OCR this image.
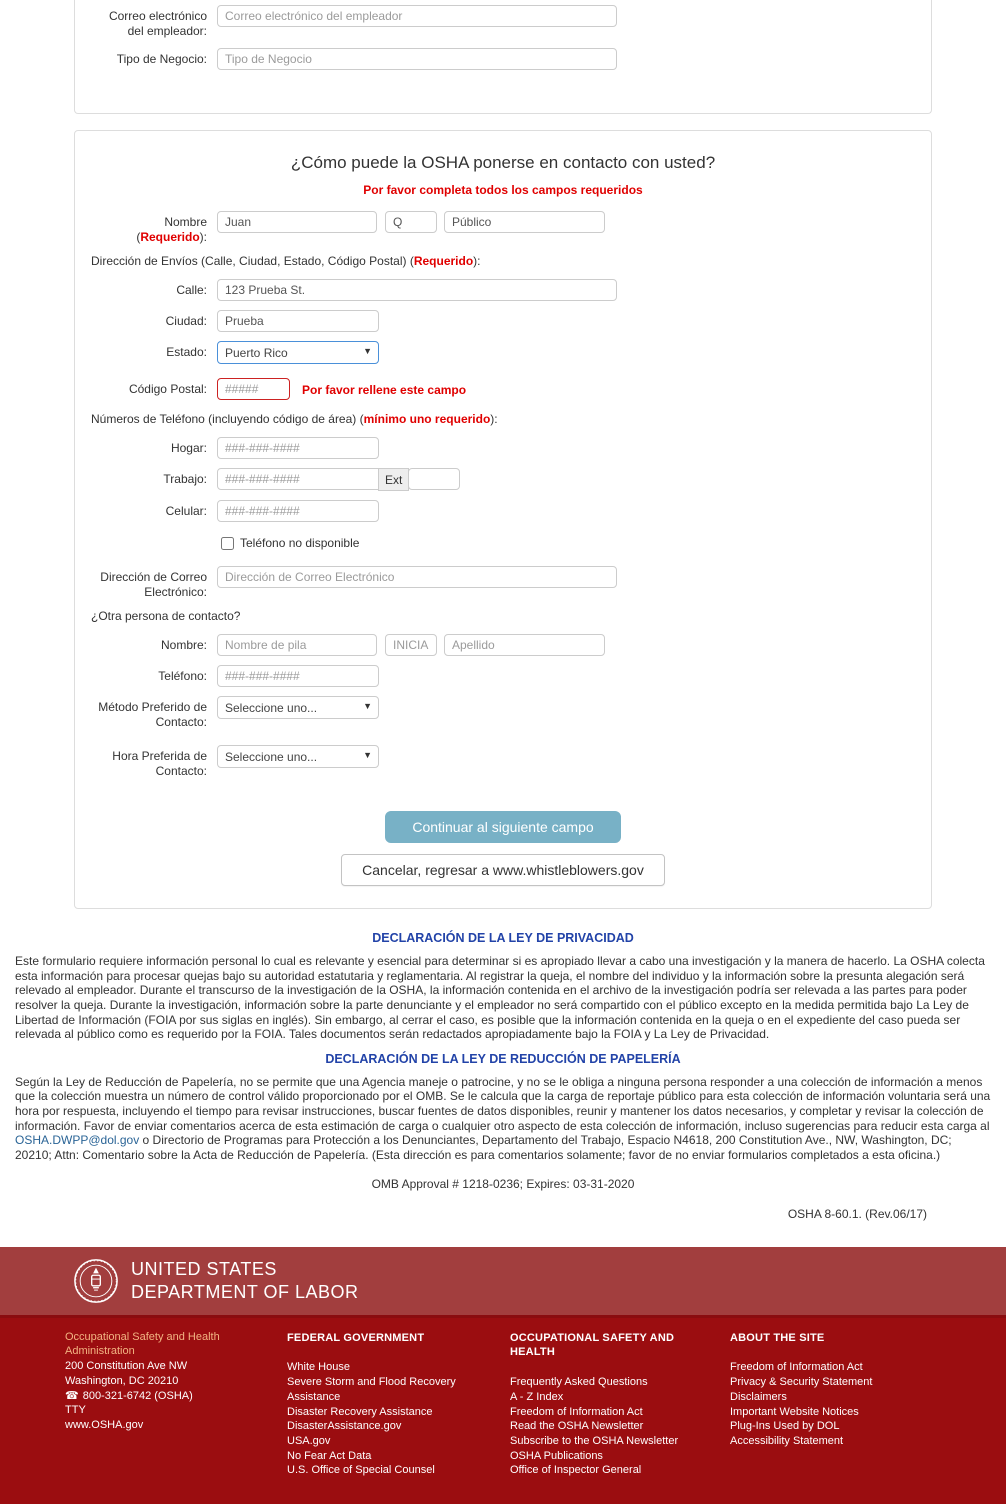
Correo electrónico del empleador:
Correo electrónico del empleador
Tipo de Negocio:
Tipo de Negocio
¿Cómo puede la OSHA ponerse en contacto con usted?
Por favor completa todos los campos requeridos
Nombre (Requerido):
Juan
Q
Público
Dirección de Envíos (Calle, Ciudad, Estado, Código Postal) (Requerido):
Calle:
123 Prueba St.
Ciudad:
Prueba
Estado:
Puerto Rico	▼
Código Postal:
#####	Por favor rellene este campo
Números de Teléfono (incluyendo código de área) (mínimo uno requerido):
Hogar:
###-###-####
Trabajo:
###-###-####	Ext
Celular:
###-###-####
Teléfono no disponible
Dirección de Correo Electrónico:
Dirección de Correo Electrónico
¿Otra persona de contacto?
Nombre:
Nombre de pila
INICIAL
Apellido
Teléfono:
###-###-####
Método Preferido de Contacto:
Seleccione uno...
▼
Hora Preferida de Contacto:
Seleccione uno...
▼
Continuar al siguiente campo
Cancelar, regresar a www.whistleblowers.gov
DECLARACIÓN DE LA LEY DE PRIVACIDAD
Este formulario requiere información personal lo cual es relevante y esencial para determinar si es apropiado llevar a cabo una investigación y la manera de hacerlo. La OSHA colecta esta información para procesar quejas bajo su autoridad estatutaria y reglamentaria. Al registrar la queja, el nombre del individuo y la información sobre la presunta alegación será relevado al empleador. Durante el transcurso de la investigación de la OSHA, la información contenida en el archivo de la investigación podría ser relevada a las partes para poder resolver la queja. Durante la investigación, información sobre la parte denunciante y el empleador no será compartido con el público excepto en la medida permitida bajo La Ley de Libertad de Información (FOIA por sus siglas en inglés). Sin embargo, al cerrar el caso, es posible que la información contenida en la queja o en el expediente del caso pueda ser relevada al público como es requerido por la FOIA. Tales documentos serán redactados apropiadamente bajo la FOIA y La Ley de Privacidad.
DECLARACIÓN DE LA LEY DE REDUCCIÓN DE PAPELERÍA
Según la Ley de Reducción de Papelería, no se permite que una Agencia maneje o patrocine, y no se le obliga a ninguna persona responder a una colección de información a menos que la colección muestra un número de control válido proporcionado por el OMB. Se le calcula que la carga de reportaje público para esta colección de información voluntaria será una hora por respuesta, incluyendo el tiempo para revisar instrucciones, buscar fuentes de datos disponibles, reunir y mantener los datos necesarios, y completar y revisar la colección de información. Favor de enviar comentarios acerca de esta estimación de carga o cualquier otro aspecto de esta colección de información, incluso sugerencias para reducir esta carga al OSHA.DWPP@dol.gov o Directorio de Programas para Protección a los Denunciantes, Departamento del Trabajo, Espacio N4618, 200 Constitution Ave., NW, Washington, DC; 20210; Attn: Comentario sobre la Acta de Reducción de Papelería. (Esta dirección es para comentarios solamente; favor de no enviar formularios completados a esta oficina.)
OMB Approval # 1218-0236; Expires: 03-31-2020
OSHA 8-60.1. (Rev.06/17)
UNITED STATES
DEPARTMENT OF LABOR
Occupational Safety and Health Administration
200 Constitution Ave NW
Washington, DC 20210
☎ 800-321-6742 (OSHA)
TTY
www.OSHA.gov
FEDERAL GOVERNMENT
White House
Severe Storm and Flood Recovery Assistance
Disaster Recovery Assistance
DisasterAssistance.gov
USA.gov
No Fear Act Data
U.S. Office of Special Counsel
OCCUPATIONAL SAFETY AND HEALTH
Frequently Asked Questions
A - Z Index
Freedom of Information Act
Read the OSHA Newsletter
Subscribe to the OSHA Newsletter
OSHA Publications
Office of Inspector General
ABOUT THE SITE
Freedom of Information Act
Privacy & Security Statement
Disclaimers
Important Website Notices
Plug-Ins Used by DOL
Accessibility Statement
